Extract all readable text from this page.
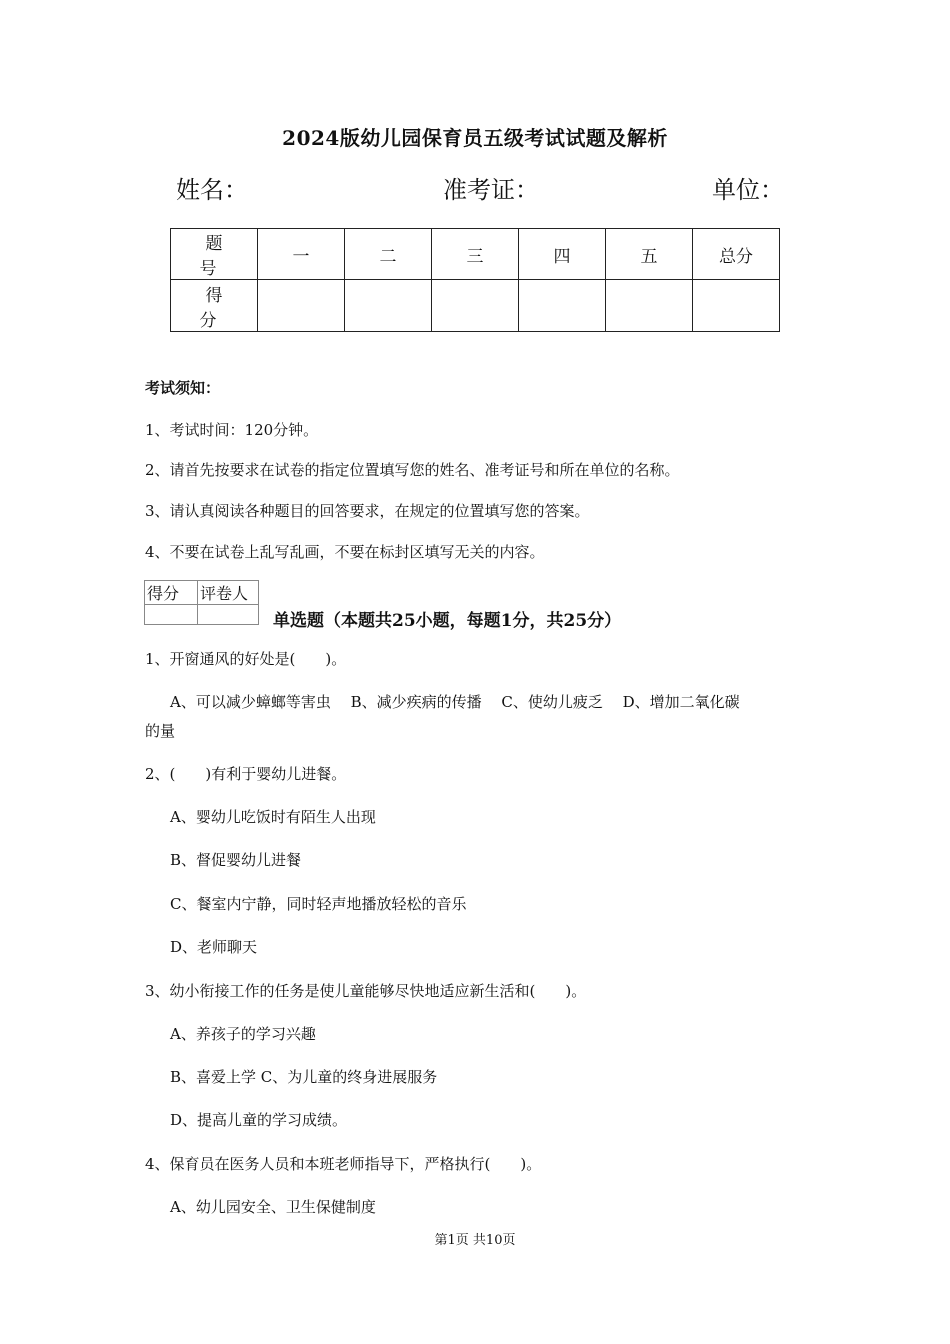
2024版幼儿园保育员五级考试试题及解析
姓名：	准考证：	单位：
题 号	一	二	三	四	五	总分
得 分						
考试须知：
1、考试时间：120分钟。
2、请首先按要求在试卷的指定位置填写您的姓名、准考证号和所在单位的名称。
3、请认真阅读各种题目的回答要求，在规定的位置填写您的答案。
4、不要在试卷上乱写乱画，不要在标封区填写无关的内容。
得分	评卷人

单选题（本题共25小题，每题1分，共25分）
1、开窗通风的好处是(　　)。
A、可以减少蟑螂等害虫　 B、减少疾病的传播　 C、使幼儿疲乏　 D、增加二氧化碳
的量
2、(　　)有利于婴幼儿进餐。
A、婴幼儿吃饭时有陌生人出现
B、督促婴幼儿进餐
C、餐室内宁静，同时轻声地播放轻松的音乐
D、老师聊天
3、幼小衔接工作的任务是使儿童能够尽快地适应新生活和(　　)。
A、养孩子的学习兴趣
B、喜爱上学 C、为儿童的终身进展服务
D、提高儿童的学习成绩。
4、保育员在医务人员和本班老师指导下，严格执行(　　)。
A、幼儿园安全、卫生保健制度
第1页 共10页
